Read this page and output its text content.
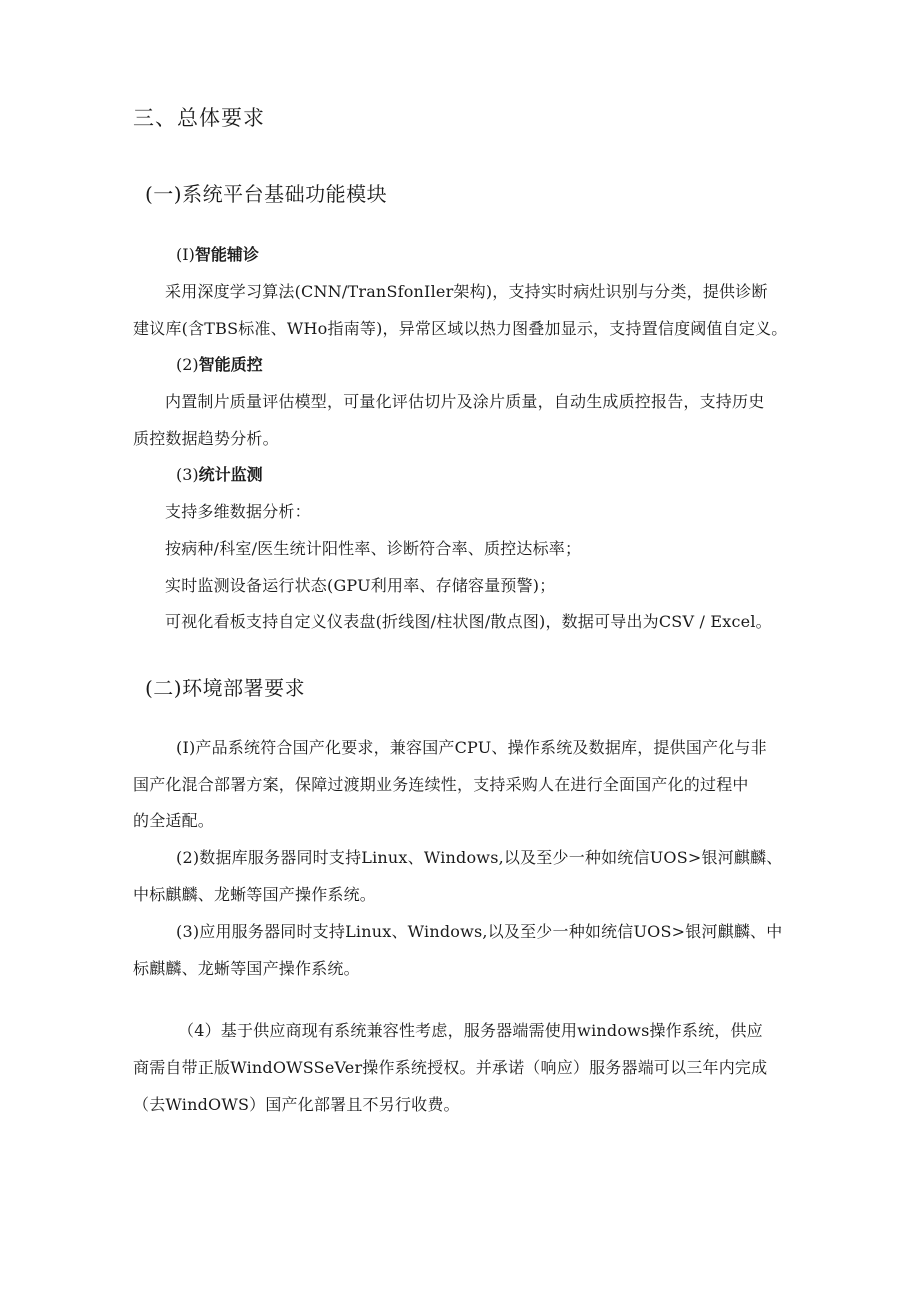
三、总体要求
(一)系统平台基础功能模块
(I)智能辅诊
采用深度学习算法(CNN/TranSfonIler架构)，支持实时病灶识别与分类，提供诊断
建议库(含TBS标准、WHo指南等)，异常区域以热力图叠加显示，支持置信度阈值自定义。
(2)智能质控
内置制片质量评估模型，可量化评估切片及涂片质量，自动生成质控报告，支持历史
质控数据趋势分析。
(3)统计监测
支持多维数据分析：
按病种/科室/医生统计阳性率、诊断符合率、质控达标率；
实时监测设备运行状态(GPU利用率、存储容量预警)；
可视化看板支持自定义仪表盘(折线图/柱状图/散点图)，数据可导出为CSV / Excel。
(二)环境部署要求
(I)产品系统符合国产化要求，兼容国产CPU、操作系统及数据库，提供国产化与非
国产化混合部署方案，保障过渡期业务连续性，支持采购人在进行全面国产化的过程中
的全适配。
(2)数据库服务器同时支持Linux、Windows,以及至少一种如统信UOS>银河麒麟、
中标麒麟、龙蜥等国产操作系统。
(3)应用服务器同时支持Linux、Windows,以及至少一种如统信UOS>银河麒麟、中
标麒麟、龙蜥等国产操作系统。
（4）基于供应商现有系统兼容性考虑，服务器端需使用windows操作系统，供应
商需自带正版WindOWSSeVer操作系统授权。并承诺（响应）服务器端可以三年内完成
（去WindOWS）国产化部署且不另行收费。
